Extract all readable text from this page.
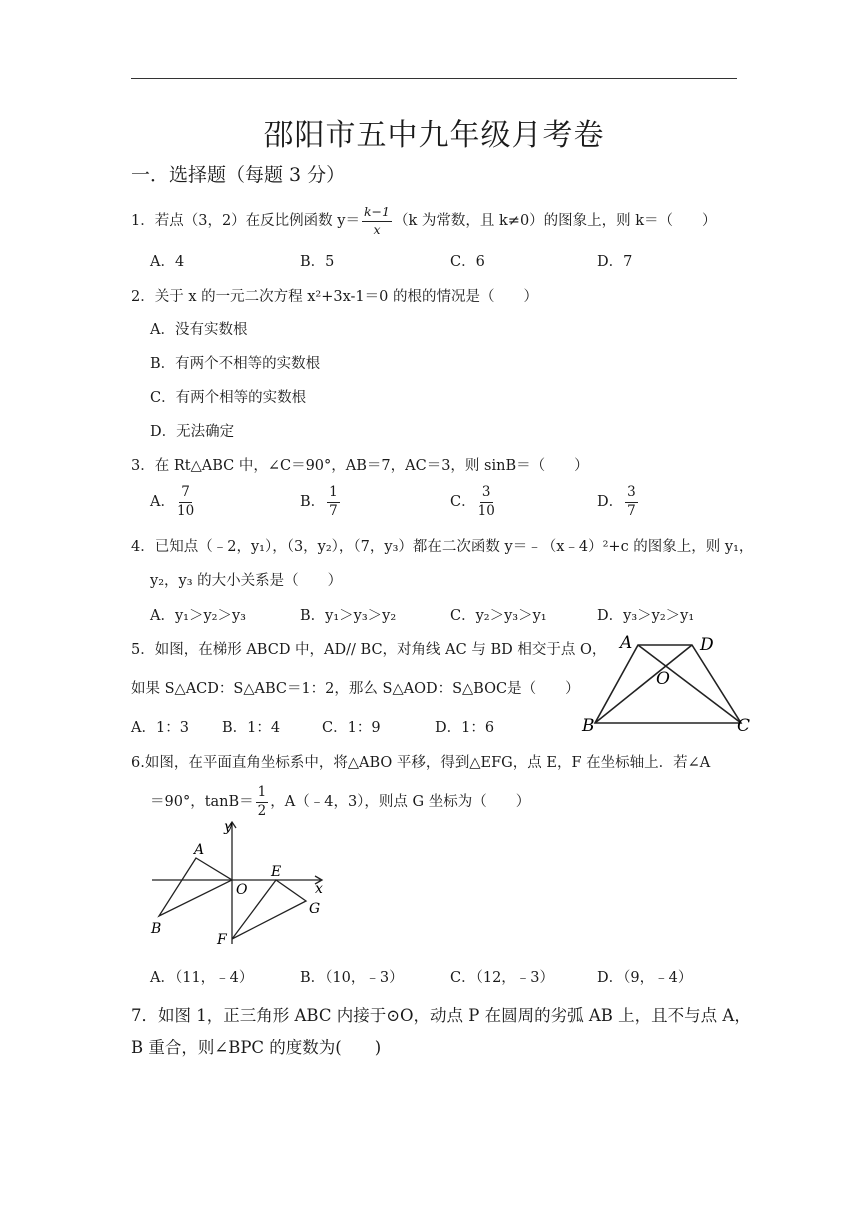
邵阳市五中九年级月考卷
一．选择题（每题 3 分）
1．若点（3，2）在反比例函数 $y= \frac{k-1}{x} (k$ 为常数，且 k≠0）的图象上，则 k＝（　　）
A．4	B．5	C．6	D．7
2．关于 x 的一元二次方程 x²+3x-1＝0 的根的情况是（　　）
A．没有实数根
B．有两个不相等的实数根
C．有两个相等的实数根
D．无法确定
3．在 Rt△ABC 中，∠C＝90°，AB＝7，AC＝3，则 sinB＝（　　）
A． $\frac{7}{10}$	B． $\frac{1}{7}$	C． $\frac{3}{10}$	D． $\frac{3}{7}$
4．已知点（﹣2，y₁），（3，y₂），（7，y₃）都在二次函数 y＝﹣（x﹣4）²+c 的图象上，则 y₁，
y₂，y₃ 的大小关系是（　　）
A．y₁＞y₂＞y₃	B．y₁＞y₃＞y₂	C．y₂＞y₃＞y₁	D．y₃＞y₂＞y₁
5．如图，在梯形 ABCD 中，AD// BC，对角线 AC 与 BD 相交于点 O，
如果 S△ACD：S△ABC＝1：2，那么 S△AOD：S△BOC是（　　）
A．1：3 B．1：4	C．1：9	D．1：6
A	D
O
B	C
6.如图，在平面直角坐标系中，将△ABO 平移，得到△EFG，点 E，F 在坐标轴上．若∠A
＝90°，$\tan B= \frac{1}{2}$ ，A（﹣4，3），则点 G 坐标为（　　）
y
x
A
O
E
G
B
F
A．（11，﹣4）	B．（10，﹣3）	C．（12，﹣3）	D．（9，﹣4）
7．如图 1，正三角形 ABC 内接于⊙O，动点 P 在圆周的劣弧 AB 上，且不与点 A，
B 重合，则∠BPC 的度数为(　　)
